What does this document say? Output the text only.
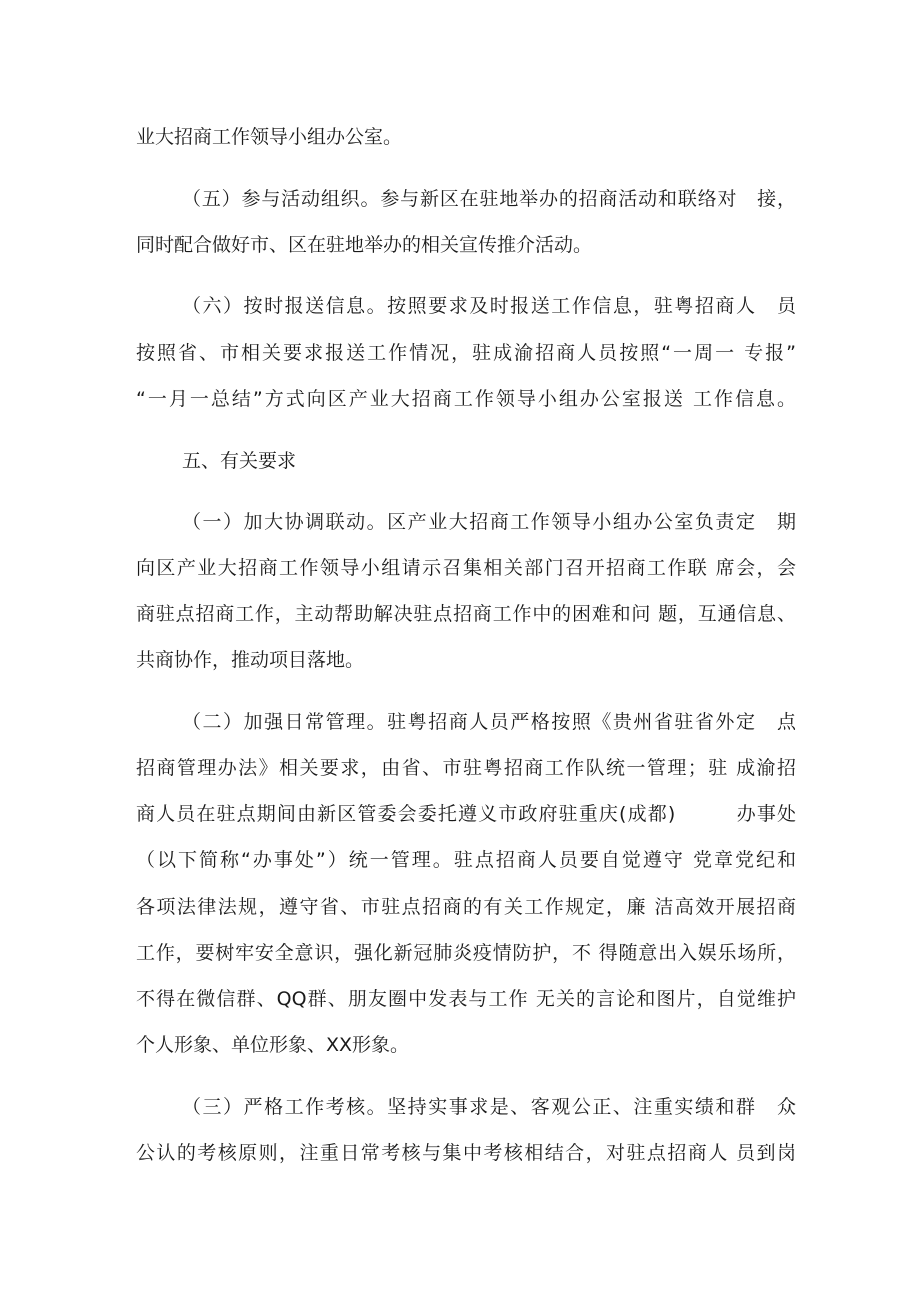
业大招商工作领导小组办公室。
（五）参与活动组织。参与新区在驻地举办的招商活动和联络对　接，
同时配合做好市、区在驻地举办的相关宣传推介活动。
（六）按时报送信息。按照要求及时报送工作信息，驻粤招商人　员
按照省、市相关要求报送工作情况，驻成渝招商人员按照“一周一 专报”
“一月一总结”方式向区产业大招商工作领导小组办公室报送 工作信息。
五、有关要求
（一）加大协调联动。区产业大招商工作领导小组办公室负责定　期
向区产业大招商工作领导小组请示召集相关部门召开招商工作联 席会，会
商驻点招商工作，主动帮助解决驻点招商工作中的困难和问 题，互通信息、
共商协作，推动项目落地。
（二）加强日常管理。驻粤招商人员严格按照《贵州省驻省外定　点
招商管理办法》相关要求，由省、市驻粤招商工作队统一管理；驻 成渝招
商人员在驻点期间由新区管委会委托遵义市政府驻重庆(成都)　　　办事处
（以下简称“办事处”）统一管理。驻点招商人员要自觉遵守 党章党纪和
各项法律法规，遵守省、市驻点招商的有关工作规定，廉 洁高效开展招商
工作，要树牢安全意识，强化新冠肺炎疫情防护，不 得随意出入娱乐场所，
不得在微信群、QQ群、朋友圈中发表与工作 无关的言论和图片，自觉维护
个人形象、单位形象、XX形象。
（三）严格工作考核。坚持实事求是、客观公正、注重实绩和群　众
公认的考核原则，注重日常考核与集中考核相结合，对驻点招商人 员到岗
